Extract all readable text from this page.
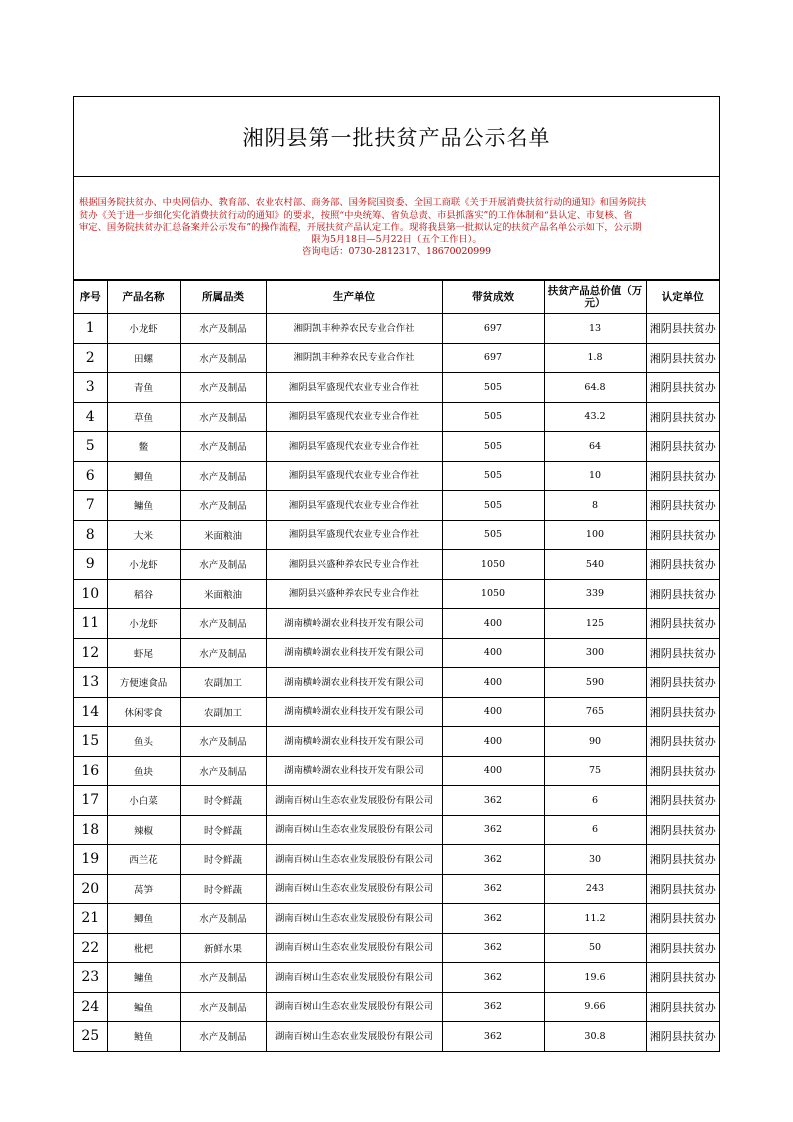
湘阴县第一批扶贫产品公示名单
根据国务院扶贫办、中央网信办、教育部、农业农村部、商务部、国务院国资委、全国工商联《关于开展消费扶贫行动的通知》和国务院扶
贫办《关于进一步细化实化消费扶贫行动的通知》的要求，按照“中央统筹、省负总责、市县抓落实”的工作体制和“县认定、市复核、省
审定、国务院扶贫办汇总备案并公示发布”的操作流程，开展扶贫产品认定工作。现将我县第一批拟认定的扶贫产品名单公示如下，公示期
限为5月18日—5月22日（五个工作日）。
咨询电话：0730-2812317、18670020999
序号	产品名称	所属品类	生产单位	带贫成效	扶贫产品总价值（万元）	认定单位
1	小龙虾	水产及制品	湘阴凯丰种养农民专业合作社	697	13	湘阴县扶贫办
2	田螺	水产及制品	湘阴凯丰种养农民专业合作社	697	1.8	湘阴县扶贫办
3	青鱼	水产及制品	湘阴县军盛现代农业专业合作社	505	64.8	湘阴县扶贫办
4	草鱼	水产及制品	湘阴县军盛现代农业专业合作社	505	43.2	湘阴县扶贫办
5	鳖	水产及制品	湘阴县军盛现代农业专业合作社	505	64	湘阴县扶贫办
6	鲫鱼	水产及制品	湘阴县军盛现代农业专业合作社	505	10	湘阴县扶贫办
7	鳙鱼	水产及制品	湘阴县军盛现代农业专业合作社	505	8	湘阴县扶贫办
8	大米	米面粮油	湘阴县军盛现代农业专业合作社	505	100	湘阴县扶贫办
9	小龙虾	水产及制品	湘阴县兴盛种养农民专业合作社	1050	540	湘阴县扶贫办
10	稻谷	米面粮油	湘阴县兴盛种养农民专业合作社	1050	339	湘阴县扶贫办
11	小龙虾	水产及制品	湖南横岭湖农业科技开发有限公司	400	125	湘阴县扶贫办
12	虾尾	水产及制品	湖南横岭湖农业科技开发有限公司	400	300	湘阴县扶贫办
13	方便速食品	农副加工	湖南横岭湖农业科技开发有限公司	400	590	湘阴县扶贫办
14	休闲零食	农副加工	湖南横岭湖农业科技开发有限公司	400	765	湘阴县扶贫办
15	鱼头	水产及制品	湖南横岭湖农业科技开发有限公司	400	90	湘阴县扶贫办
16	鱼块	水产及制品	湖南横岭湖农业科技开发有限公司	400	75	湘阴县扶贫办
17	小白菜	时令鲜蔬	湖南百树山生态农业发展股份有限公司	362	6	湘阴县扶贫办
18	辣椒	时令鲜蔬	湖南百树山生态农业发展股份有限公司	362	6	湘阴县扶贫办
19	西兰花	时令鲜蔬	湖南百树山生态农业发展股份有限公司	362	30	湘阴县扶贫办
20	莴笋	时令鲜蔬	湖南百树山生态农业发展股份有限公司	362	243	湘阴县扶贫办
21	鲫鱼	水产及制品	湖南百树山生态农业发展股份有限公司	362	11.2	湘阴县扶贫办
22	枇杷	新鲜水果	湖南百树山生态农业发展股份有限公司	362	50	湘阴县扶贫办
23	鳙鱼	水产及制品	湖南百树山生态农业发展股份有限公司	362	19.6	湘阴县扶贫办
24	鳊鱼	水产及制品	湖南百树山生态农业发展股份有限公司	362	9.66	湘阴县扶贫办
25	鲢鱼	水产及制品	湖南百树山生态农业发展股份有限公司	362	30.8	湘阴县扶贫办
